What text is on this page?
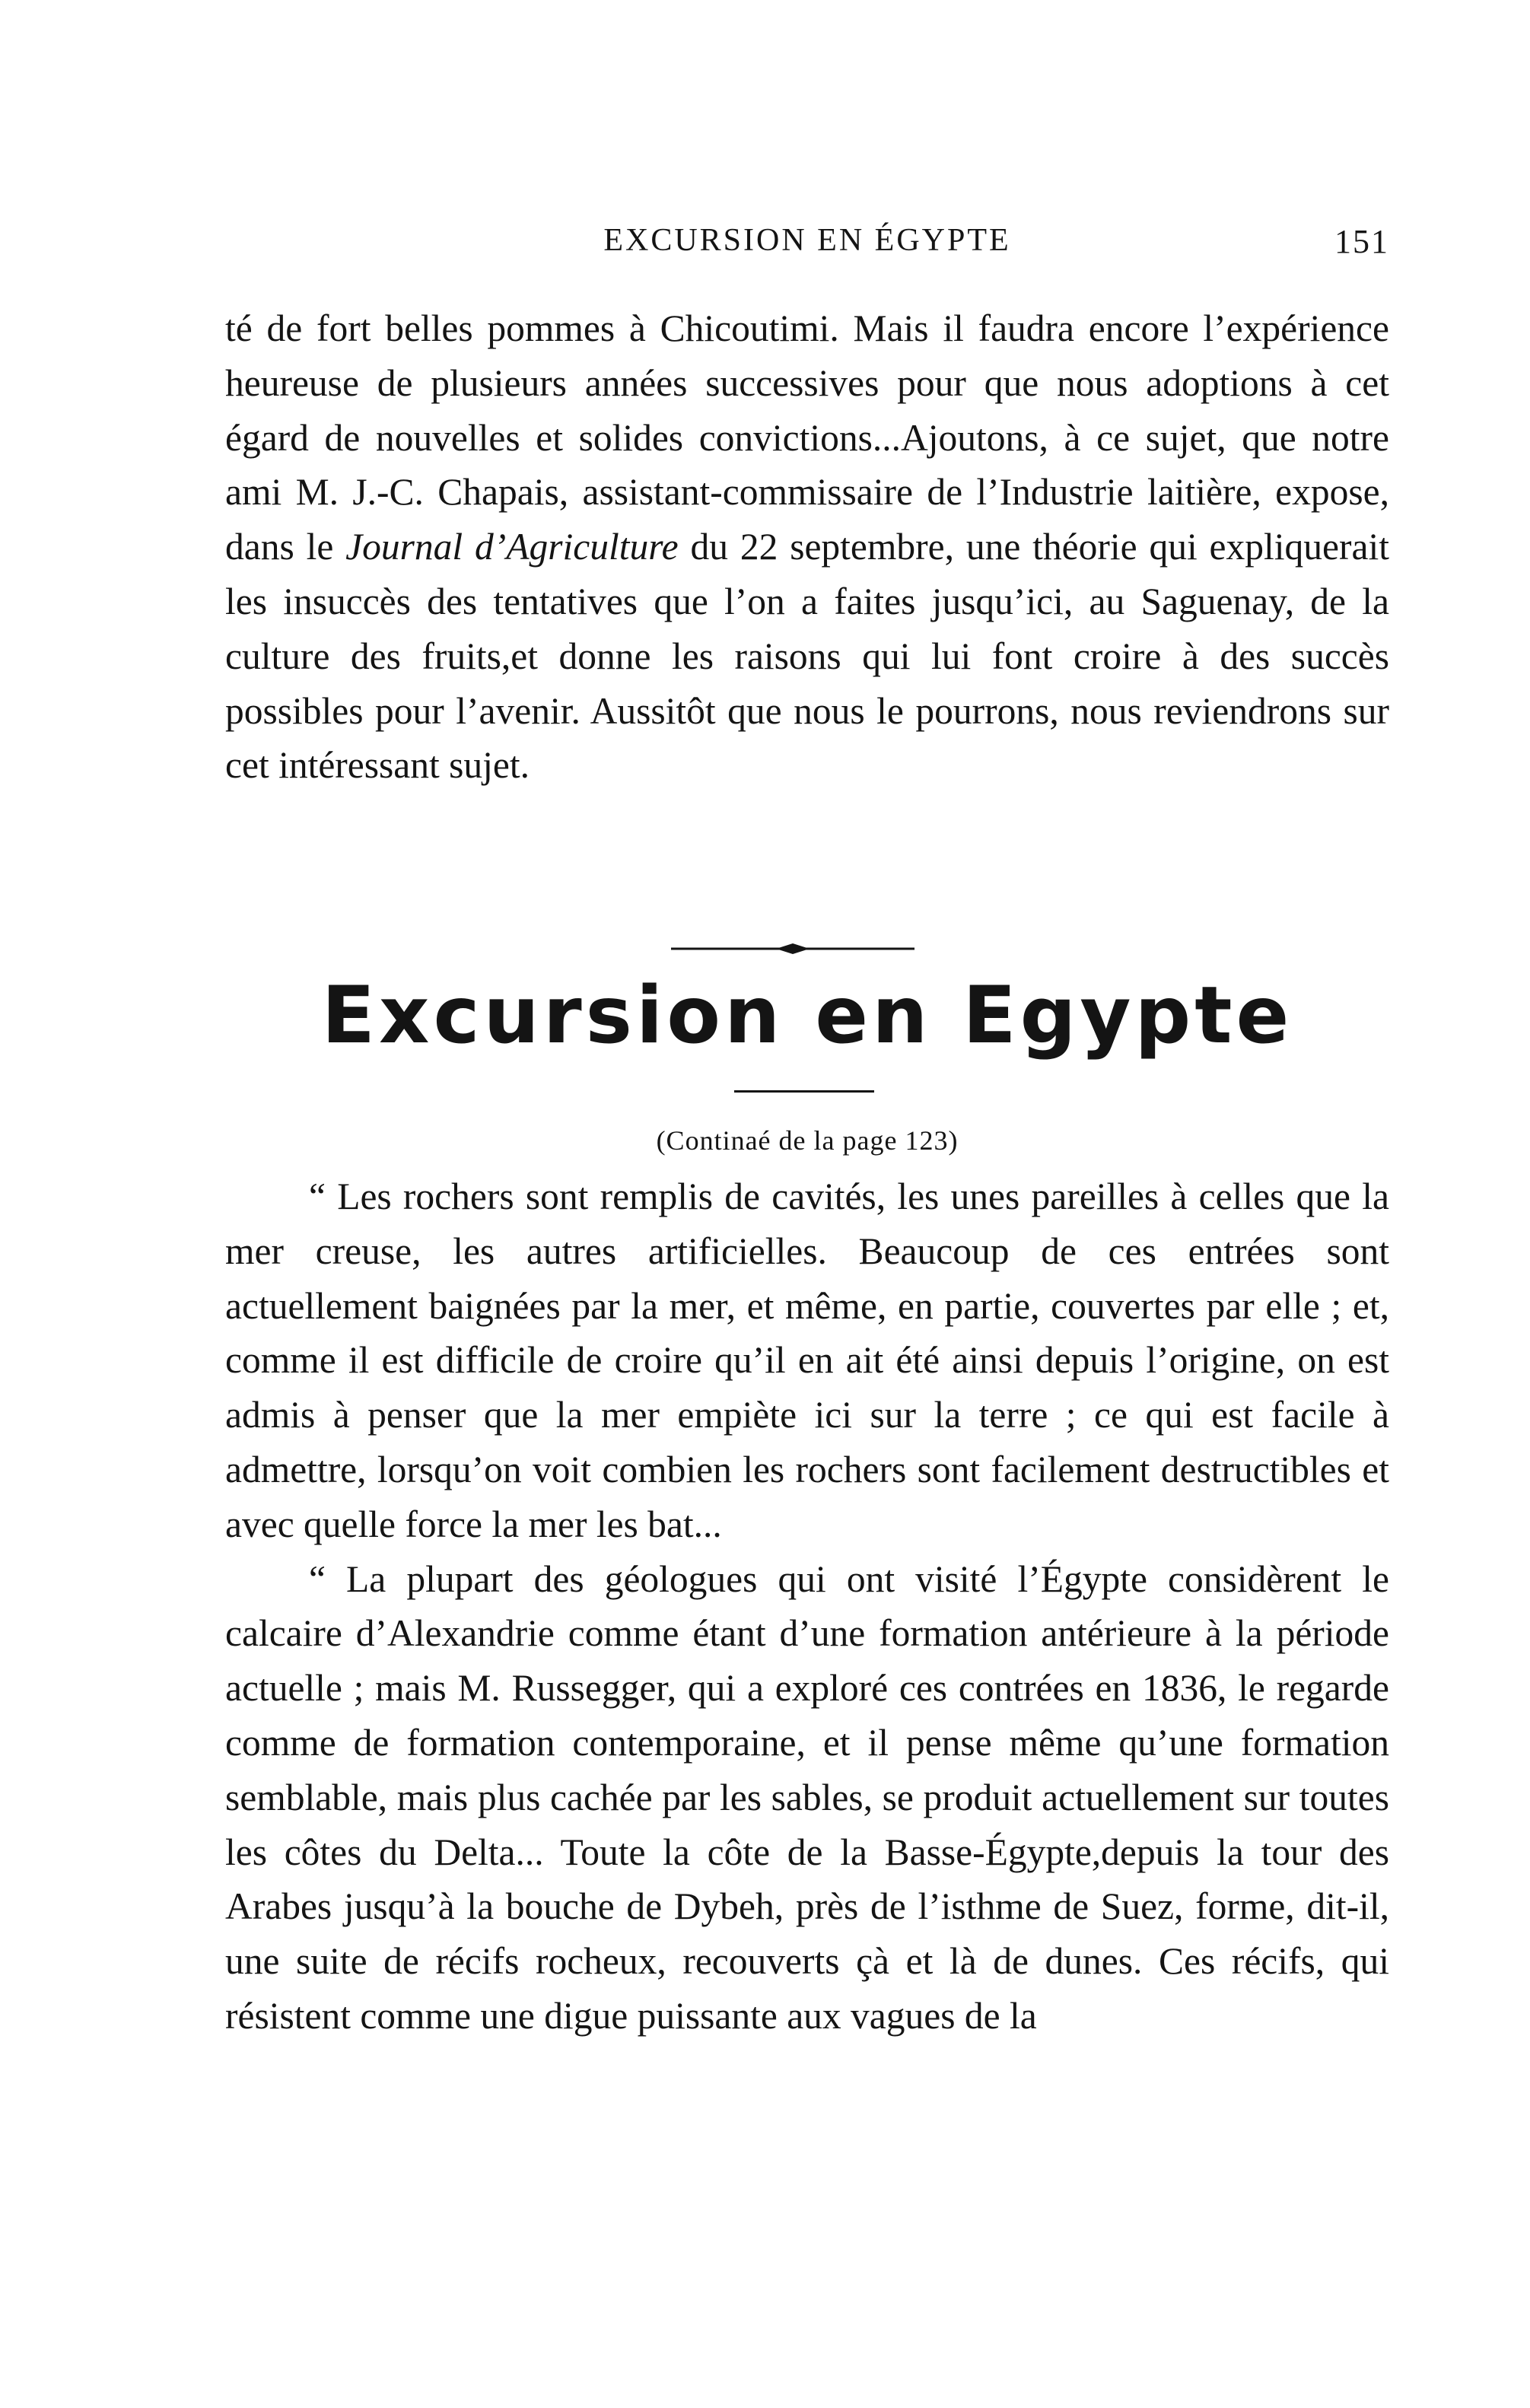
EXCURSION EN ÉGYPTE	151

té de fort belles pommes à Chicoutimi. Mais il faudra encore l’expérience heureuse de plusieurs années successives pour que nous adoptions à cet égard de nouvelles et solides convictions...Ajoutons, à ce sujet, que notre ami M. J.-C. Chapais, assistant-commissaire de l’Industrie laitière, expose, dans le Journal d’Agriculture du 22 septembre, une théorie qui expliquerait les insuccès des tentatives que l’on a faites jusqu’ici, au Saguenay, de la culture des fruits,et donne les raisons qui lui font croire à des succès possibles pour l’avenir. Aussitôt que nous le pourrons, nous reviendrons sur cet intéressant sujet.

Excursion en Egypte
(Continaé de la page 123)

“ Les rochers sont remplis de cavités, les unes pareilles à celles que la mer creuse, les autres artificielles. Beaucoup de ces entrées sont actuellement baignées par la mer, et même, en partie, couvertes par elle ; et, comme il est difficile de croire qu’il en ait été ainsi depuis l’origine, on est admis à penser que la mer empiète ici sur la terre ; ce qui est facile à admettre, lorsqu’on voit combien les rochers sont facilement destructibles et avec quelle force la mer les bat...

“ La plupart des géologues qui ont visité l’Égypte considèrent le calcaire d’Alexandrie comme étant d’une formation antérieure à la période actuelle ; mais M. Russegger, qui a exploré ces contrées en 1836, le regarde comme de formation contemporaine, et il pense même qu’une formation semblable, mais plus cachée par les sables, se produit actuellement sur toutes les côtes du Delta... Toute la côte de la Basse-Égypte,depuis la tour des Arabes jusqu’à la bouche de Dybeh, près de l’isthme de Suez, forme, dit-il, une suite de récifs rocheux, recouverts çà et là de dunes. Ces récifs, qui résistent comme une digue puissante aux vagues de la
